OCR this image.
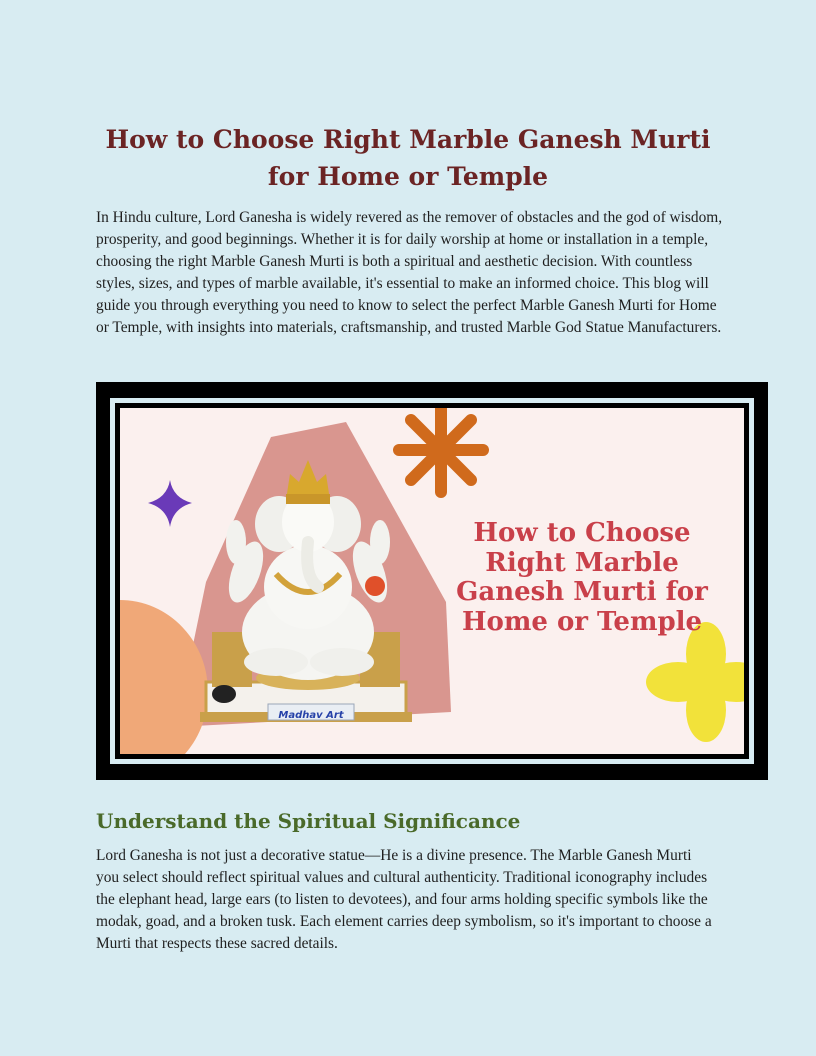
How to Choose Right Marble Ganesh Murti for Home or Temple

In Hindu culture, Lord Ganesha is widely revered as the remover of obstacles and the god of wisdom, prosperity, and good beginnings. Whether it is for daily worship at home or installation in a temple, choosing the right Marble Ganesh Murti is both a spiritual and aesthetic decision. With countless styles, sizes, and types of marble available, it's essential to make an informed choice. This blog will guide you through everything you need to know to select the perfect Marble Ganesh Murti for Home or Temple, with insights into materials, craftsmanship, and trusted Marble God Statue Manufacturers.

Madhav Art
How to Choose Right Marble Ganesh Murti for Home or Temple
Understand the Spiritual Significance

Lord Ganesha is not just a decorative statue—He is a divine presence. The Marble Ganesh Murti you select should reflect spiritual values and cultural authenticity. Traditional iconography includes the elephant head, large ears (to listen to devotees), and four arms holding specific symbols like the modak, goad, and a broken tusk. Each element carries deep symbolism, so it's important to choose a Murti that respects these sacred details.
